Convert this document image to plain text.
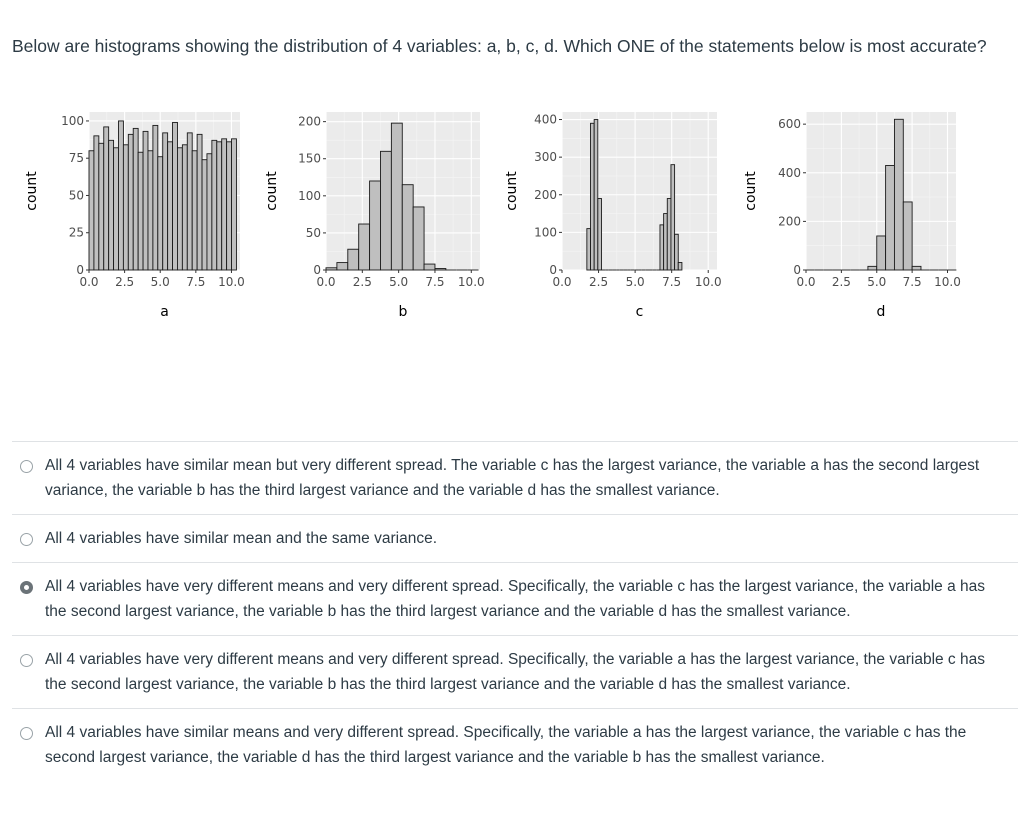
Below are histograms showing the distribution of 4 variables: a, b, c, d. Which ONE of the statements below is most accurate?

0
25
50
75
100
0.0 2.5 5.0 7.5 10.0
count
a
0
50
100
150
200
0.0 2.5 5.0 7.5 10.0
count
b
0
100
200
300
400
0.0 2.5 5.0 7.5 10.0
count
c
0
200
400
600
0.0 2.5 5.0 7.5 10.0
count
d
All 4 variables have similar mean but very different spread. The variable c has the largest variance, the variable a has the second largest variance, the variable b has the third largest variance and the variable d has the smallest variance.
All 4 variables have similar mean and the same variance.
All 4 variables have very different means and very different spread. Specifically, the variable c has the largest variance, the variable a has the second largest variance, the variable b has the third largest variance and the variable d has the smallest variance.
All 4 variables have very different means and very different spread. Specifically, the variable a has the largest variance, the variable c has the second largest variance, the variable b has the third largest variance and the variable d has the smallest variance.
All 4 variables have similar means and very different spread. Specifically, the variable a has the largest variance, the variable c has the second largest variance, the variable d has the third largest variance and the variable b has the smallest variance.
